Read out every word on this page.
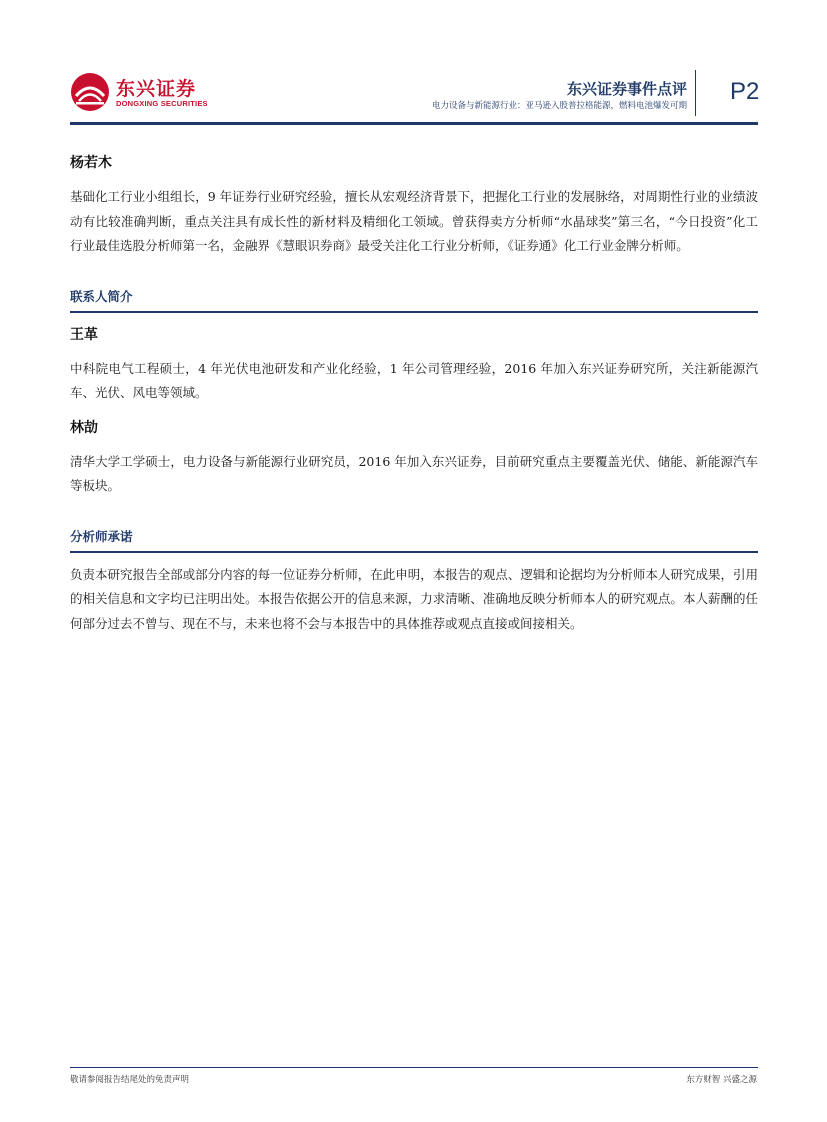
东兴证券
DONGXING SECURITIES
东兴证券事件点评
电力设备与新能源行业：亚马逊入股普拉格能源，燃料电池爆发可期
P2
杨若木

基础化工行业小组组长，9 年证券行业研究经验，擅长从宏观经济背景下，把握化工行业的发展脉络，对周期性行业的业绩波动有比较准确判断，重点关注具有成长性的新材料及精细化工领域。曾获得卖方分析师“水晶球奖”第三名，“今日投资”化工行业最佳选股分析师第一名，金融界《慧眼识券商》最受关注化工行业分析师，《证券通》化工行业金牌分析师。

联系人简介
王革

中科院电气工程硕士，4 年光伏电池研发和产业化经验，1 年公司管理经验，2016 年加入东兴证券研究所，关注新能源汽车、光伏、风电等领域。

林劼

清华大学工学硕士，电力设备与新能源行业研究员，2016 年加入东兴证券，目前研究重点主要覆盖光伏、储能、新能源汽车等板块。

分析师承诺

负责本研究报告全部或部分内容的每一位证券分析师，在此申明，本报告的观点、逻辑和论据均为分析师本人研究成果，引用的相关信息和文字均已注明出处。本报告依据公开的信息来源，力求清晰、准确地反映分析师本人的研究观点。本人薪酬的任何部分过去不曾与、现在不与，未来也将不会与本报告中的具体推荐或观点直接或间接相关。

敬请参阅报告结尾处的免责声明	东方财智 兴盛之源
